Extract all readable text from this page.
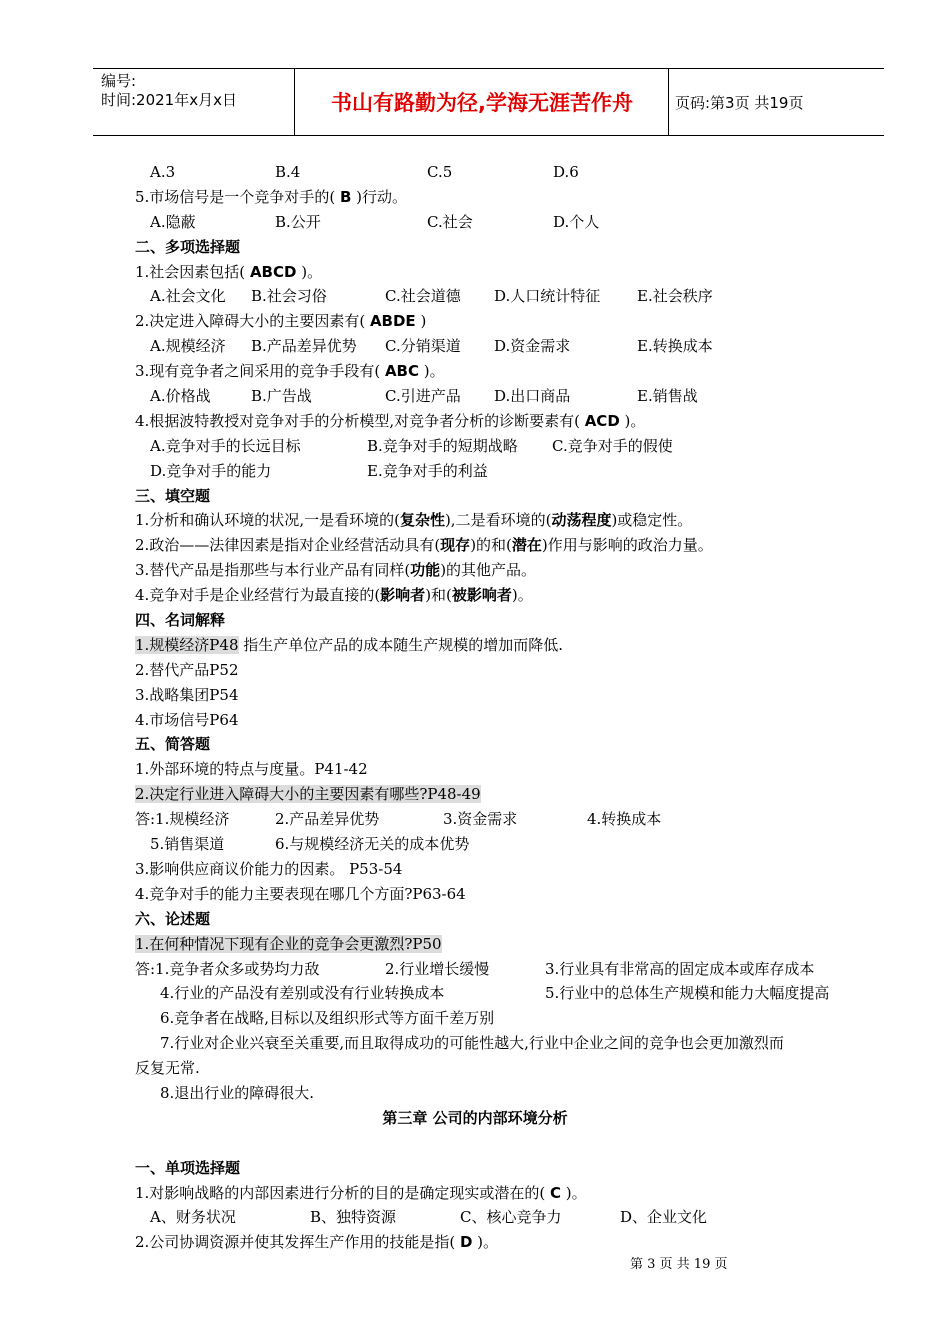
编号:
时间:2021年x月x日	书山有路勤为径,学海无涯苦作舟	页码:第3页 共19页
A.3	B.4	C.5	D.6
5.市场信号是一个竞争对手的( B )行动。
A.隐蔽	B.公开	C.社会	D.个人
二、多项选择题
1.社会因素包括( ABCD )。
A.社会文化 B.社会习俗	C.社会道德 D.人口统计特征 E.社会秩序
2.决定进入障碍大小的主要因素有( ABDE )
A.规模经济 B.产品差异优势 C.分销渠道 D.资金需求	E.转换成本
3.现有竞争者之间采用的竞争手段有( ABC )。
A.价格战	B.广告战	C.引进产品 D.出口商品	E.销售战
4.根据波特教授对竞争对手的分析模型,对竞争者分析的诊断要素有( ACD )。
A.竞争对手的长远目标	B.竞争对手的短期战略 C.竞争对手的假使
D.竞争对手的能力	E.竞争对手的利益
三、填空题
1.分析和确认环境的状况,一是看环境的(复杂性),二是看环境的(动荡程度)或稳定性。
2.政治——法律因素是指对企业经营活动具有(现存)的和(潜在)作用与影响的政治力量。
3.替代产品是指那些与本行业产品有同样(功能)的其他产品。
4.竞争对手是企业经营行为最直接的(影响者)和(被影响者)。
四、名词解释
1.规模经济P48 指生产单位产品的成本随生产规模的增加而降低.
2.替代产品P52
3.战略集团P54
4.市场信号P64
五、简答题
1.外部环境的特点与度量。P41-42
2.决定行业进入障碍大小的主要因素有哪些?P48-49
答:1.规模经济	2.产品差异优势	3.资金需求	4.转换成本
5.销售渠道	6.与规模经济无关的成本优势
3.影响供应商议价能力的因素。 P53-54
4.竞争对手的能力主要表现在哪几个方面?P63-64
六、论述题
1.在何种情况下现有企业的竞争会更激烈?P50
答:1.竞争者众多或势均力敌	2.行业增长缓慢	3.行业具有非常高的固定成本或库存成本
4.行业的产品没有差别或没有行业转换成本	5.行业中的总体生产规模和能力大幅度提高
6.竞争者在战略,目标以及组织形式等方面千差万别
7.行业对企业兴衰至关重要,而且取得成功的可能性越大,行业中企业之间的竞争也会更加激烈而
反复无常.
8.退出行业的障碍很大.
第三章 公司的内部环境分析
一、单项选择题
1.对影响战略的内部因素进行分析的目的是确定现实或潜在的( C )。
A、财务状况	B、独特资源	C、核心竞争力	D、企业文化
2.公司协调资源并使其发挥生产作用的技能是指( D )。
第 3 页 共 19 页
